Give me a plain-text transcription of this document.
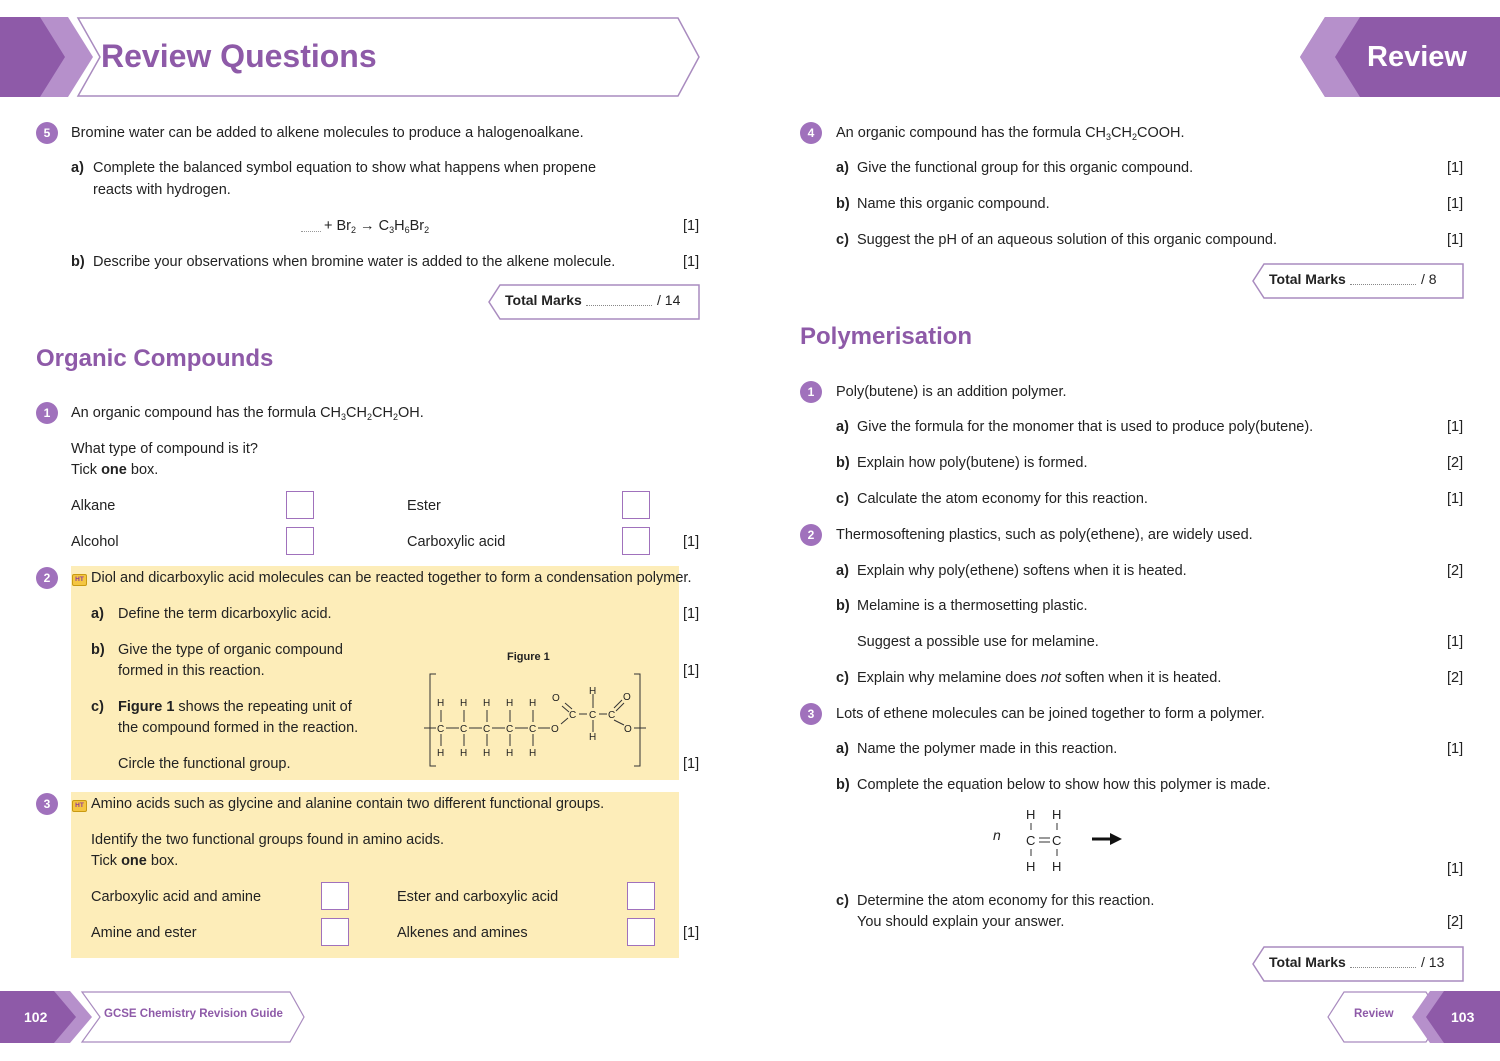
Review Questions	Review
5	Bromine water can be added to alkene molecules to produce a halogenoalkane.
a) Complete the balanced symbol equation to show what happens when propene
reacts with hydrogen.
+ $Br_2 \to C_3H_6Br_2$	[1]
b) Describe your observations when bromine water is added to the alkene molecule.	[1]
Total Marks	/ 14
Organic Compounds
1	An organic compound has the formula $CH_3CH_2CH_2OH$.
What type of compound is it?
Tick one box.
Alkane	Ester
Alcohol	Carboxylic acid	[1]
2	HT Diol and dicarboxylic acid molecules can be reacted together to form a condensation polymer.
a) Define the term dicarboxylic acid.	[1]
b) Give the type of organic compound
formed in this reaction.	[1]
c) Figure 1 shows the repeating unit of
the compound formed in the reaction.
Circle the functional group.	[1]
Figure 1
H H H H H
C C C C C
H H H H H
O
O
C C
H
H
C
O
O
3	HT Amino acids such as glycine and alanine contain two different functional groups.
Identify the two functional groups found in amino acids.
Tick one box.
Carboxylic acid and amine	Ester and carboxylic acid
Amine and ester	Alkenes and amines	[1]
102	GCSE Chemistry Revision Guide
4	An organic compound has the formula $CH_3CH_2COOH$.
a) Give the functional group for this organic compound.	[1]
b) Name this organic compound.	[1]
c) Suggest the pH of an aqueous solution of this organic compound.	[1]
Total Marks	/ 8
Polymerisation
1	Poly(butene) is an addition polymer.
a) Give the formula for the monomer that is used to produce poly(butene).	[1]
b) Explain how poly(butene) is formed.	[2]
c) Calculate the atom economy for this reaction.	[1]
2	Thermosoftening plastics, such as poly(ethene), are widely used.
a) Explain why poly(ethene) softens when it is heated.	[2]
b) Melamine is a thermosetting plastic.
Suggest a possible use for melamine.	[1]
c) Explain why melamine does not soften when it is heated.	[2]
3	Lots of ethene molecules can be joined together to form a polymer.
a) Name the polymer made in this reaction.	[1]
b) Complete the equation below to show how this polymer is made.
n
H H
C C
H H	[1]
c) Determine the atom economy for this reaction.
You should explain your answer.	[2]
Total Marks	/ 13
Review	103
